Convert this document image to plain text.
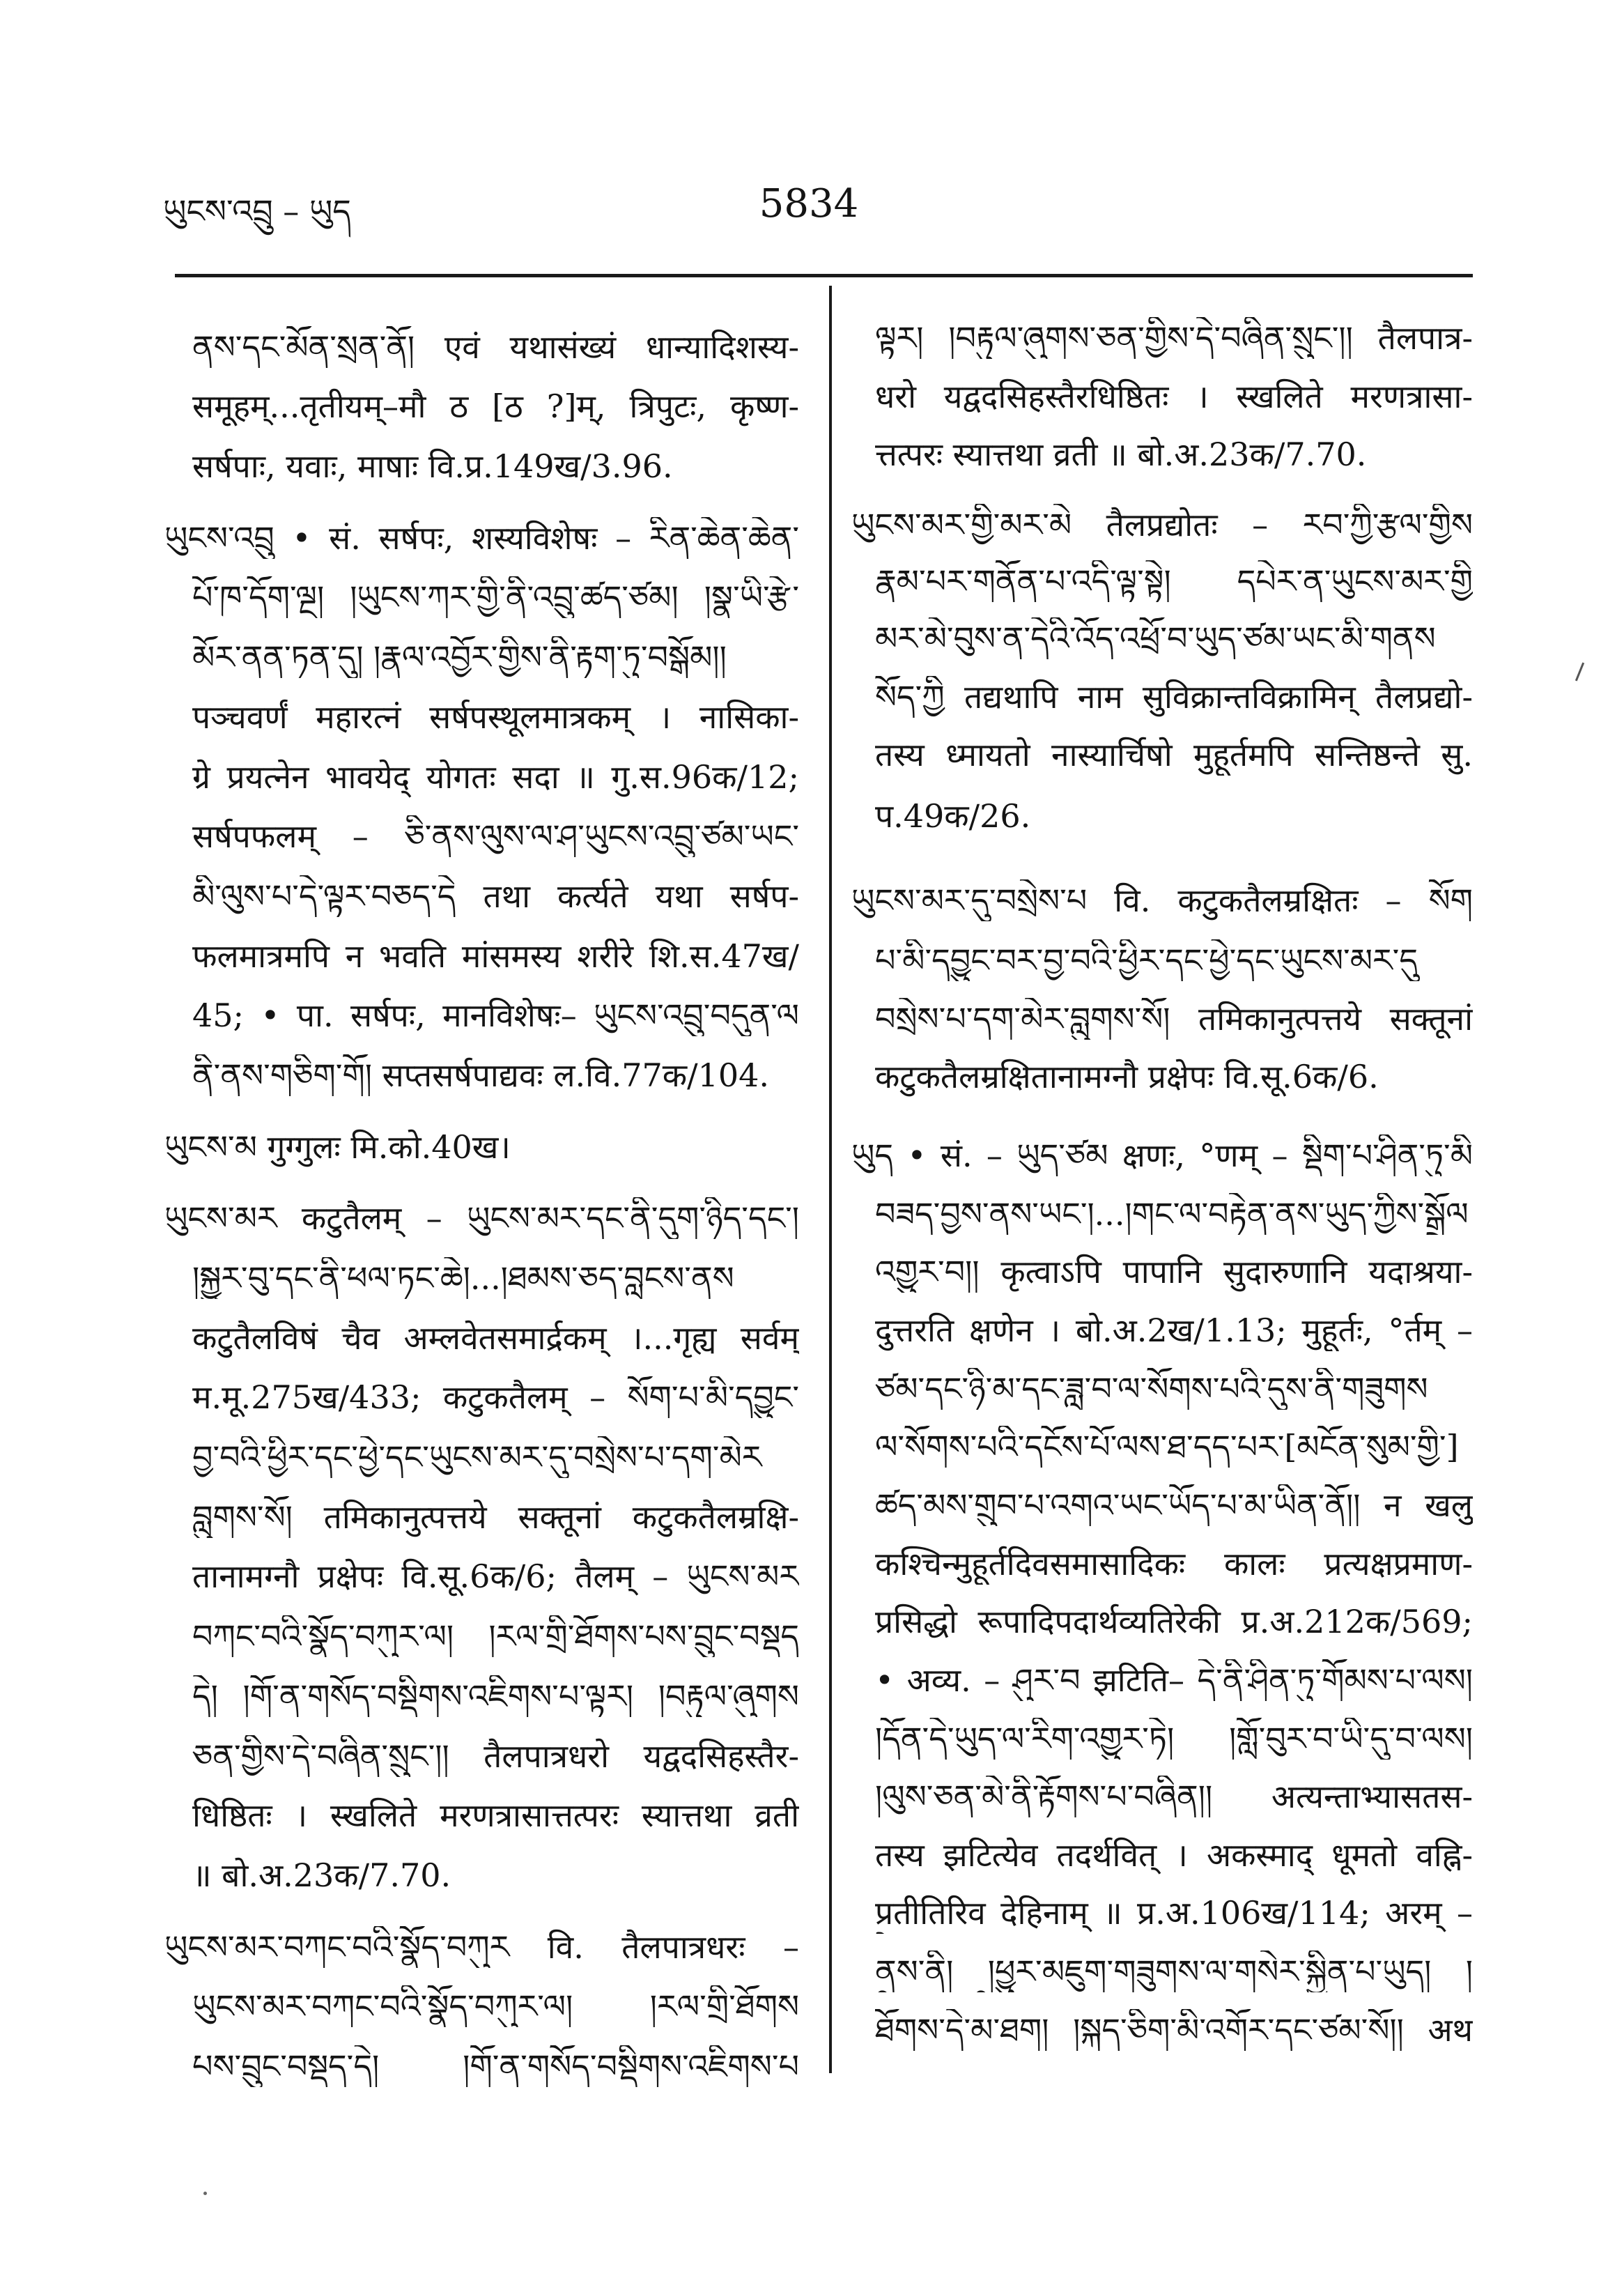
ཡུངས་འབྲུ – ཡུད	5834
ནས་དང་མོན་སྲན་ནོ། एवं यथासंख्यं धान्यादिशस्य-
समूहम्...तृतीयम्–मौ ठ [ठ ?]म्, त्रिपुटः, कृष्ण-
सर्षपाः, यवाः, माषाः वि.प्र.149ख/3.96.
ཡུངས་འབྲུ • सं. सर्षपः, शस्यविशेषः – རིན་ཆེན་ཆེན་
པོ་ཁ་དོག་ལྔ། །ཡུངས་ཀར་གྱི་ནི་འབྲུ་ཚད་ཙམ། །སྣ་ཡི་རྩེ་
མོར་ནན་ཏན་དུ། །རྣལ་འབྱོར་གྱིས་ནི་རྟག་ཏུ་བསྒོམ།།
पञ्चवर्णं महारत्नं सर्षपस्थूलमात्रकम् । नासिका-
ग्रे प्रयत्नेन भावयेद् योगतः सदा ॥ गु.स.96क/12;
सर्षपफलम् – ཅི་ནས་ལུས་ལ་ཤ་ཡུངས་འབྲུ་ཙམ་ཡང་
མི་ལུས་པ་དེ་ལྟར་བཅད་དེ तथा कर्त्यते यथा सर्षप-
फलमात्रमपि न भवति मांसमस्य शरीरे शि.स.47ख/
45; • पा. सर्षपः, मानविशेषः– ཡུངས་འབྲུ་བདུན་ལ
ནི་ནས་གཅིག་གོ། सप्तसर्षपाद्यवः ल.वि.77क/104.
ཡུངས་མ गुग्गुलः मि.को.40ख।
ཡུངས་མར कटुतैलम् – ཡུངས་མར་དང་ནི་དུག་ཉིད་དང་།
།སྐྱུར་བུ་དང་ནི་ཕལ་ཏང་ཆེ།...།ཐམས་ཅད་བླངས་ནས
कटुतैलविषं चैव अम्लवेतसमार्द्रकम् ।...गृह्य सर्वम्
म.मू.275ख/433; कटुकतैलम् – སོག་པ་མི་དབྱུང་
བྱ་བའི་ཕྱིར་དང་ཕྱེ་དང་ཡུངས་མར་དུ་བསྲེས་པ་དག་མེར
བླུགས་སོ། तमिकानुत्पत्तये सक्तूनां कटुकतैलम्रक्षि-
तानामग्नौ प्रक्षेपः वि.सू.6क/6; तैलम् – ཡུངས་མར
བཀང་བའི་སྣོད་བཀུར་ལ། །རལ་གྲི་ཐོགས་པས་བྲུང་བསྡད
དེ། །གོ་ན་གསོད་བསྡིགས་འཇིགས་པ་ལྟར། །བརྟུལ་ཞུགས
ཅན་གྱིས་དེ་བཞིན་སྲུང༌།། तैलपात्रधरो यद्वदसिहस्तैर-
धिष्ठितः । स्खलिते मरणत्रासात्तत्परः स्यात्तथा व्रती
॥ बो.अ.23क/7.70.
ཡུངས་མར་བཀང་བའི་སྣོད་བཀུར वि. तैलपात्रधरः –
ཡུངས་མར་བཀང་བའི་སྣོད་བཀུར་ལ། །རལ་གྲི་ཐོགས
པས་བྲུང་བསྡད་དེ། །གོ་ན་གསོད་བསྡིགས་འཇིགས་པ
ལྟར། །བརྟུལ་ཞུགས་ཅན་གྱིས་དེ་བཞིན་སྲུང༌།། तैलपात्र-
धरो यद्वदसिहस्तैरधिष्ठितः । स्खलिते मरणत्रासा-
त्तत्परः स्यात्तथा व्रती ॥ बो.अ.23क/7.70.
ཡུངས་མར་གྱི་མར་མེ तैलप्रद्योतः – རབ་ཀྱི་རྩལ་གྱིས
རྣམ་པར་གནོན་པ་འདི་ལྟ་སྟེ། དཔེར་ན་ཡུངས་མར་གྱི
མར་མེ་བུས་ན་དེའི་འོད་འཕྲོ་བ་ཡུད་ཙམ་ཡང་མི་གནས
སོད་ཀྱི तद्यथापि नाम सुविक्रान्तविक्रामिन् तैलप्रद्यो-
तस्य ध्मायतो नास्यार्चिषो मुहूर्तमपि सन्तिष्ठन्ते सु.
प.49क/26.
ཡུངས་མར་དུ་བསྲེས་པ वि. कटुकतैलम्रक्षितः – སོག
པ་མི་དབྱུང་བར་བྱ་བའི་ཕྱིར་དང་ཕྱེ་དང་ཡུངས་མར་དུ
བསྲེས་པ་དག་མེར་བླུགས་སོ། तमिकानुत्पत्तये सक्तूनां
कटुकतैलम्रक्षितानामग्नौ प्रक्षेपः वि.सू.6क/6.
ཡུད • सं. – ཡུད་ཙམ क्षणः, °णम् – སྡིག་པ་ཤིན་ཏུ་མི
བཟད་བྱས་ནས་ཡང་།...།གང་ལ་བརྟེན་ནས་ཡུད་ཀྱིས་སྒྲོལ
འགྱུར་བ།། कृत्वाऽपि पापानि सुदारुणानि यदाश्रया-
दुत्तरति क्षणेन । बो.अ.2ख/1.13; मुहूर्तः, °र्तम् –
ཙམ་དང་ཉི་མ་དང་ཟླ་བ་ལ་སོགས་པའི་དུས་ནི་གཟུགས
ལ་སོགས་པའི་དངོས་པོ་ལས་ཐ་དད་པར་[མངོན་སུམ་གྱི་]
ཚད་མས་གྲུབ་པ་འགའ་ཡང་ཡོད་པ་མ་ཡིན་ནོ།། न खलु
कश्चिन्मुहूर्तदिवसमासादिकः कालः प्रत्यक्षप्रमाण-
प्रसिद्धो रूपादिपदार्थव्यतिरेकी प्र.अ.212क/569;
• अव्य. – ཤུར་བ झटिति– དེ་ནི་ཤིན་ཏུ་གོམས་པ་ལས།
།དོན་དེ་ཡུད་ལ་རིག་འགྱུར་ཏེ། །གློ་བུར་བ་ཡི་དུ་བ་ལས།
།ལུས་ཅན་མེ་ནི་རྟོགས་པ་བཞིན།། अत्यन्ताभ्यासतस-
तस्य झटित्येव तदर्थवित् । अकस्माद् धूमतो वह्नि-
प्रतीतिरिव देहिनाम् ॥ प्र.अ.106ख/114; अरम् –
ནས་ནི། །ཕྱུར་མཇུག་གཟུགས་ལ་གསེར་སྐྱིན་པ་ཡུད། །
ཐོགས་དེ་མ་ཐག། །སྐད་ཅིག་མི་འགོར་དང་ཙམ་སོ།། अथ
